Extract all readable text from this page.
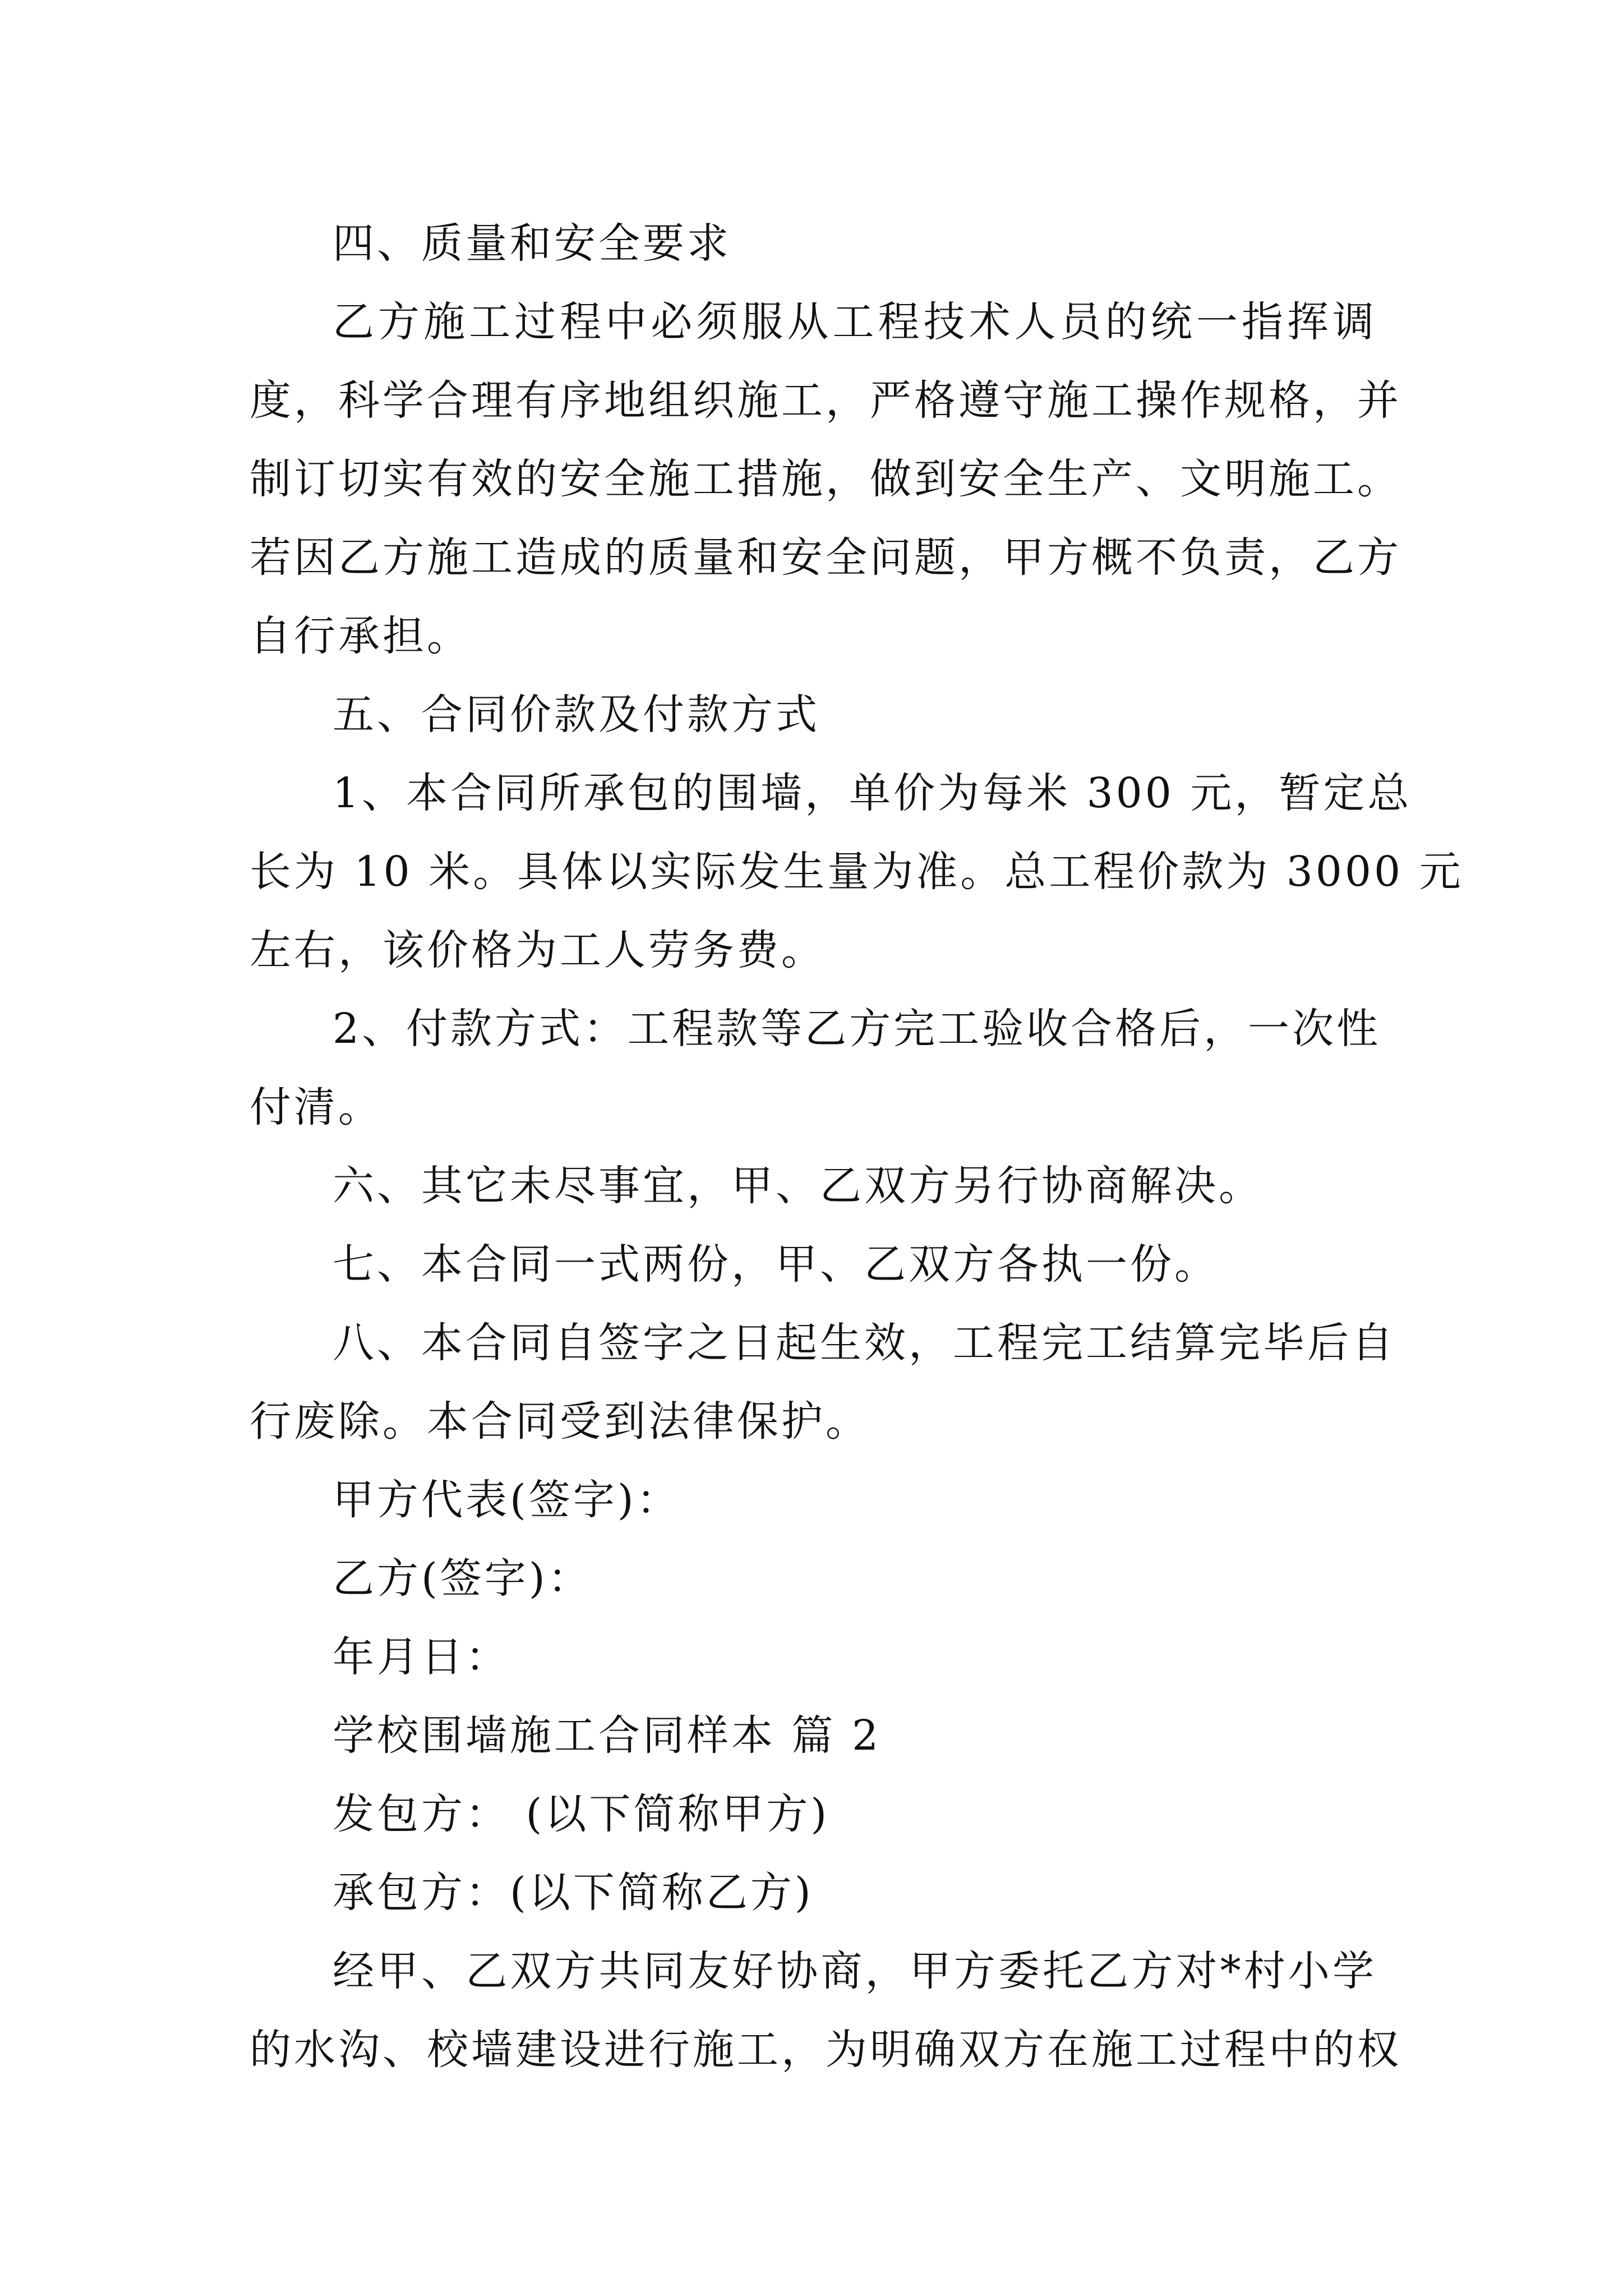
四、质量和安全要求

乙方施工过程中必须服从工程技术人员的统一指挥调

度，科学合理有序地组织施工，严格遵守施工操作规格，并

制订切实有效的安全施工措施，做到安全生产、文明施工。

若因乙方施工造成的质量和安全问题，甲方概不负责，乙方

自行承担。

五、合同价款及付款方式

1、本合同所承包的围墙，单价为每米 300 元，暂定总

长为 10 米。具体以实际发生量为准。总工程价款为 3000 元

左右，该价格为工人劳务费。

2、付款方式：工程款等乙方完工验收合格后，一次性

付清。

六、其它未尽事宜，甲、乙双方另行协商解决。

七、本合同一式两份，甲、乙双方各执一份。

八、本合同自签字之日起生效，工程完工结算完毕后自

行废除。本合同受到法律保护。

甲方代表(签字)：

乙方(签字)：

年月日：

学校围墙施工合同样本 篇 2

发包方： (以下简称甲方)

承包方：(以下简称乙方)

经甲、乙双方共同友好协商，甲方委托乙方对*村小学

的水沟、校墙建设进行施工，为明确双方在施工过程中的权
